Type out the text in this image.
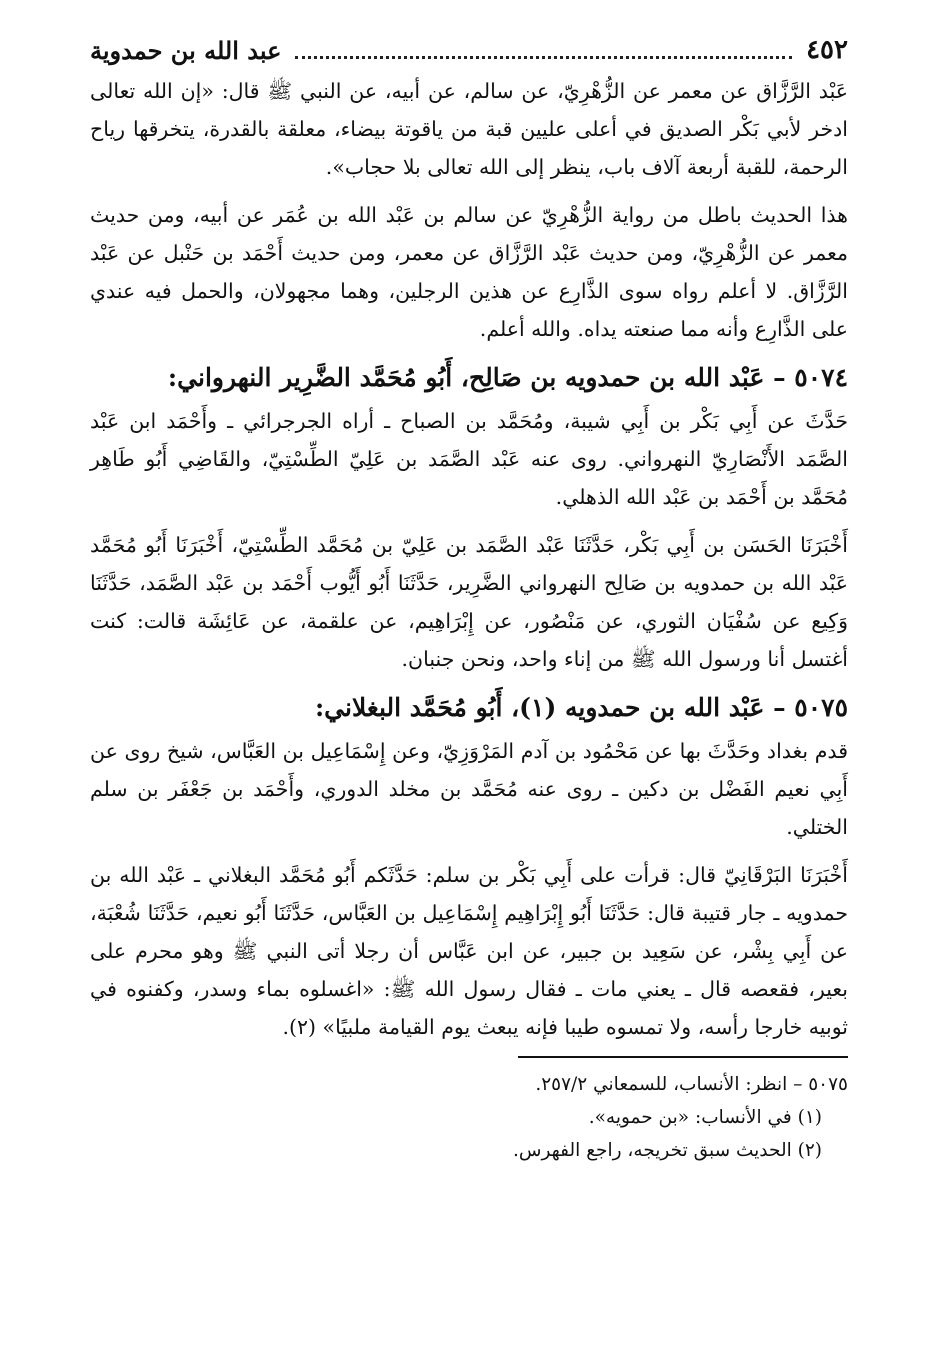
٤٥٢
عبد الله بن حمدوية

عَبْد الرَّزَّاق عن معمر عن الزُّهْرِيّ، عن سالم، عن أبيه، عن النبي ﷺ قال: «إن الله تعالى ادخر لأبي بَكْر الصديق في أعلى عليين قبة من ياقوتة بيضاء، معلقة بالقدرة، يتخرقها رياح الرحمة، للقبة أربعة آلاف باب، ينظر إلى الله تعالى بلا حجاب».

هذا الحديث باطل من رواية الزُّهْرِيّ عن سالم بن عَبْد الله بن عُمَر عن أبيه، ومن حديث معمر عن الزُّهْرِيّ، ومن حديث عَبْد الرَّزَّاق عن معمر، ومن حديث أَحْمَد بن حَنْبل عن عَبْد الرَّزَّاق. لا أعلم رواه سوى الذَّارِع عن هذين الرجلين، وهما مجهولان، والحمل فيه عندي على الذَّارِع وأنه مما صنعته يداه. والله أعلم.

٥٠٧٤ – عَبْد الله بن حمدويه بن صَالِح، أَبُو مُحَمَّد الضَّرِير النهرواني:

حَدَّثَ عن أَبِي بَكْر بن أَبِي شيبة، ومُحَمَّد بن الصباح ـ أراه الجرجرائي ـ وأَحْمَد ابن عَبْد الصَّمَد الأَنْصَارِيّ النهرواني. روى عنه عَبْد الصَّمَد بن عَلِيّ الطِّسْتِيّ، والقَاضِي أَبُو طَاهِر مُحَمَّد بن أَحْمَد بن عَبْد الله الذهلي.

أَخْبَرَنَا الحَسَن بن أَبِي بَكْر، حَدَّثَنَا عَبْد الصَّمَد بن عَلِيّ بن مُحَمَّد الطِّسْتِيّ، أَخْبَرَنَا أَبُو مُحَمَّد عَبْد الله بن حمدويه بن صَالِح النهرواني الضَّرِير، حَدَّثَنَا أَبُو أَيُّوب أَحْمَد بن عَبْد الصَّمَد، حَدَّثَنَا وَكِيع عن سُفْيَان الثوري، عن مَنْصُور، عن إِبْرَاهِيم، عن علقمة، عن عَائِشَة قالت: كنت أغتسل أنا ورسول الله ﷺ من إناء واحد، ونحن جنبان.

٥٠٧٥ – عَبْد الله بن حمدويه (١)، أَبُو مُحَمَّد البغلاني:

قدم بغداد وحَدَّثَ بها عن مَحْمُود بن آدم المَرْوَزِيّ، وعن إِسْمَاعِيل بن العَبَّاس، شيخ روى عن أَبِي نعيم الفَضْل بن دكين ـ روى عنه مُحَمَّد بن مخلد الدوري، وأَحْمَد بن جَعْفَر بن سلم الختلي.

أَخْبَرَنَا البَرْقَانِيّ قال: قرأت على أَبِي بَكْر بن سلم: حَدَّثَكم أَبُو مُحَمَّد البغلاني ـ عَبْد الله بن حمدويه ـ جار قتيبة قال: حَدَّثَنَا أَبُو إِبْرَاهِيم إِسْمَاعِيل بن العَبَّاس، حَدَّثَنَا أَبُو نعيم، حَدَّثَنَا شُعْبَة، عن أَبِي بِشْر، عن سَعِيد بن جبير، عن ابن عَبَّاس أن رجلا أتى النبي ﷺ وهو محرم على بعير، فقعصه قال ـ يعني مات ـ فقال رسول الله ﷺ: «اغسلوه بماء وسدر، وكفنوه في ثوبيه خارجا رأسه، ولا تمسوه طيبا فإنه يبعث يوم القيامة ملبيًا» (٢).

٥٠٧٥ – انظر: الأنساب، للسمعاني ٢٥٧/٢.

(١) في الأنساب: «بن حمويه».

(٢) الحديث سبق تخريجه، راجع الفهرس.
